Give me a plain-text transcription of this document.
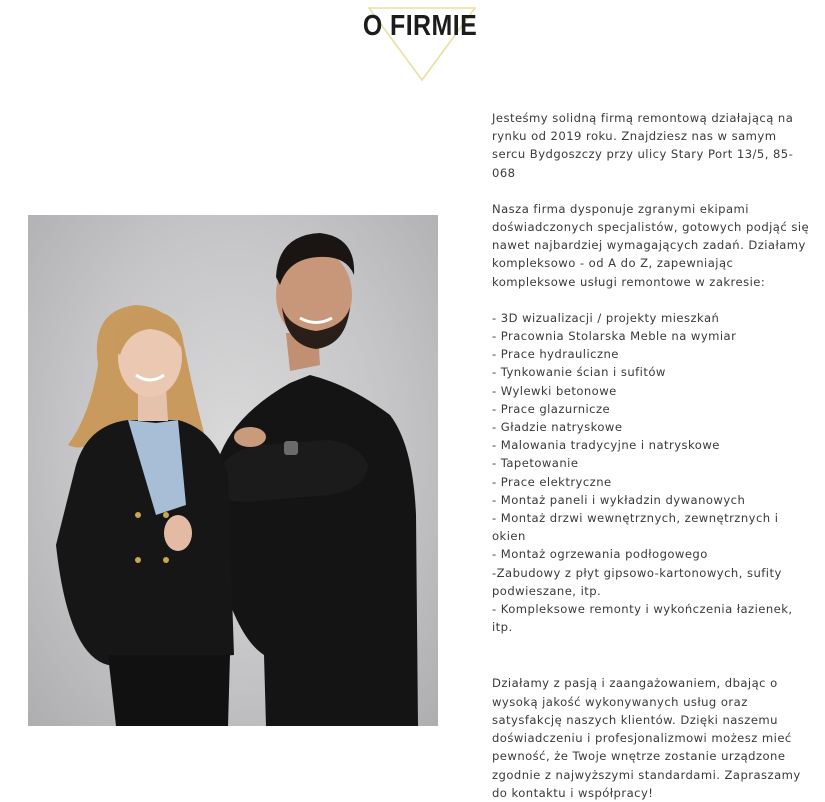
O FIRMIE

Jesteśmy solidną firmą remontową działającą na rynku od 2019 roku. Znajdziesz nas w samym sercu Bydgoszczy przy ulicy Stary Port 13/5, 85-068

Nasza firma dysponuje zgranymi ekipami doświadczonych specjalistów, gotowych podjąć się nawet najbardziej wymagających zadań. Działamy kompleksowo - od A do Z, zapewniając kompleksowe usługi remontowe w zakresie:

- 3D wizualizacji / projekty mieszkań
- Pracownia Stolarska Meble na wymiar
- Prace hydrauliczne
- Tynkowanie ścian i sufitów
- Wylewki betonowe
- Prace glazurnicze
- Gładzie natryskowe
- Malowania tradycyjne i natryskowe
- Tapetowanie
- Prace elektryczne
- Montaż paneli i wykładzin dywanowych
- Montaż drzwi wewnętrznych, zewnętrznych i okien
- Montaż ogrzewania podłogowego
-Zabudowy z płyt gipsowo-kartonowych, sufity podwieszane, itp.
- Kompleksowe remonty i wykończenia łazienek, itp.

Działamy z pasją i zaangażowaniem, dbając o wysoką jakość wykonywanych usług oraz satysfakcję naszych klientów. Dzięki naszemu doświadczeniu i profesjonalizmowi możesz mieć pewność, że Twoje wnętrze zostanie urządzone zgodnie z najwyższymi standardami. Zapraszamy do kontaktu i współpracy!
